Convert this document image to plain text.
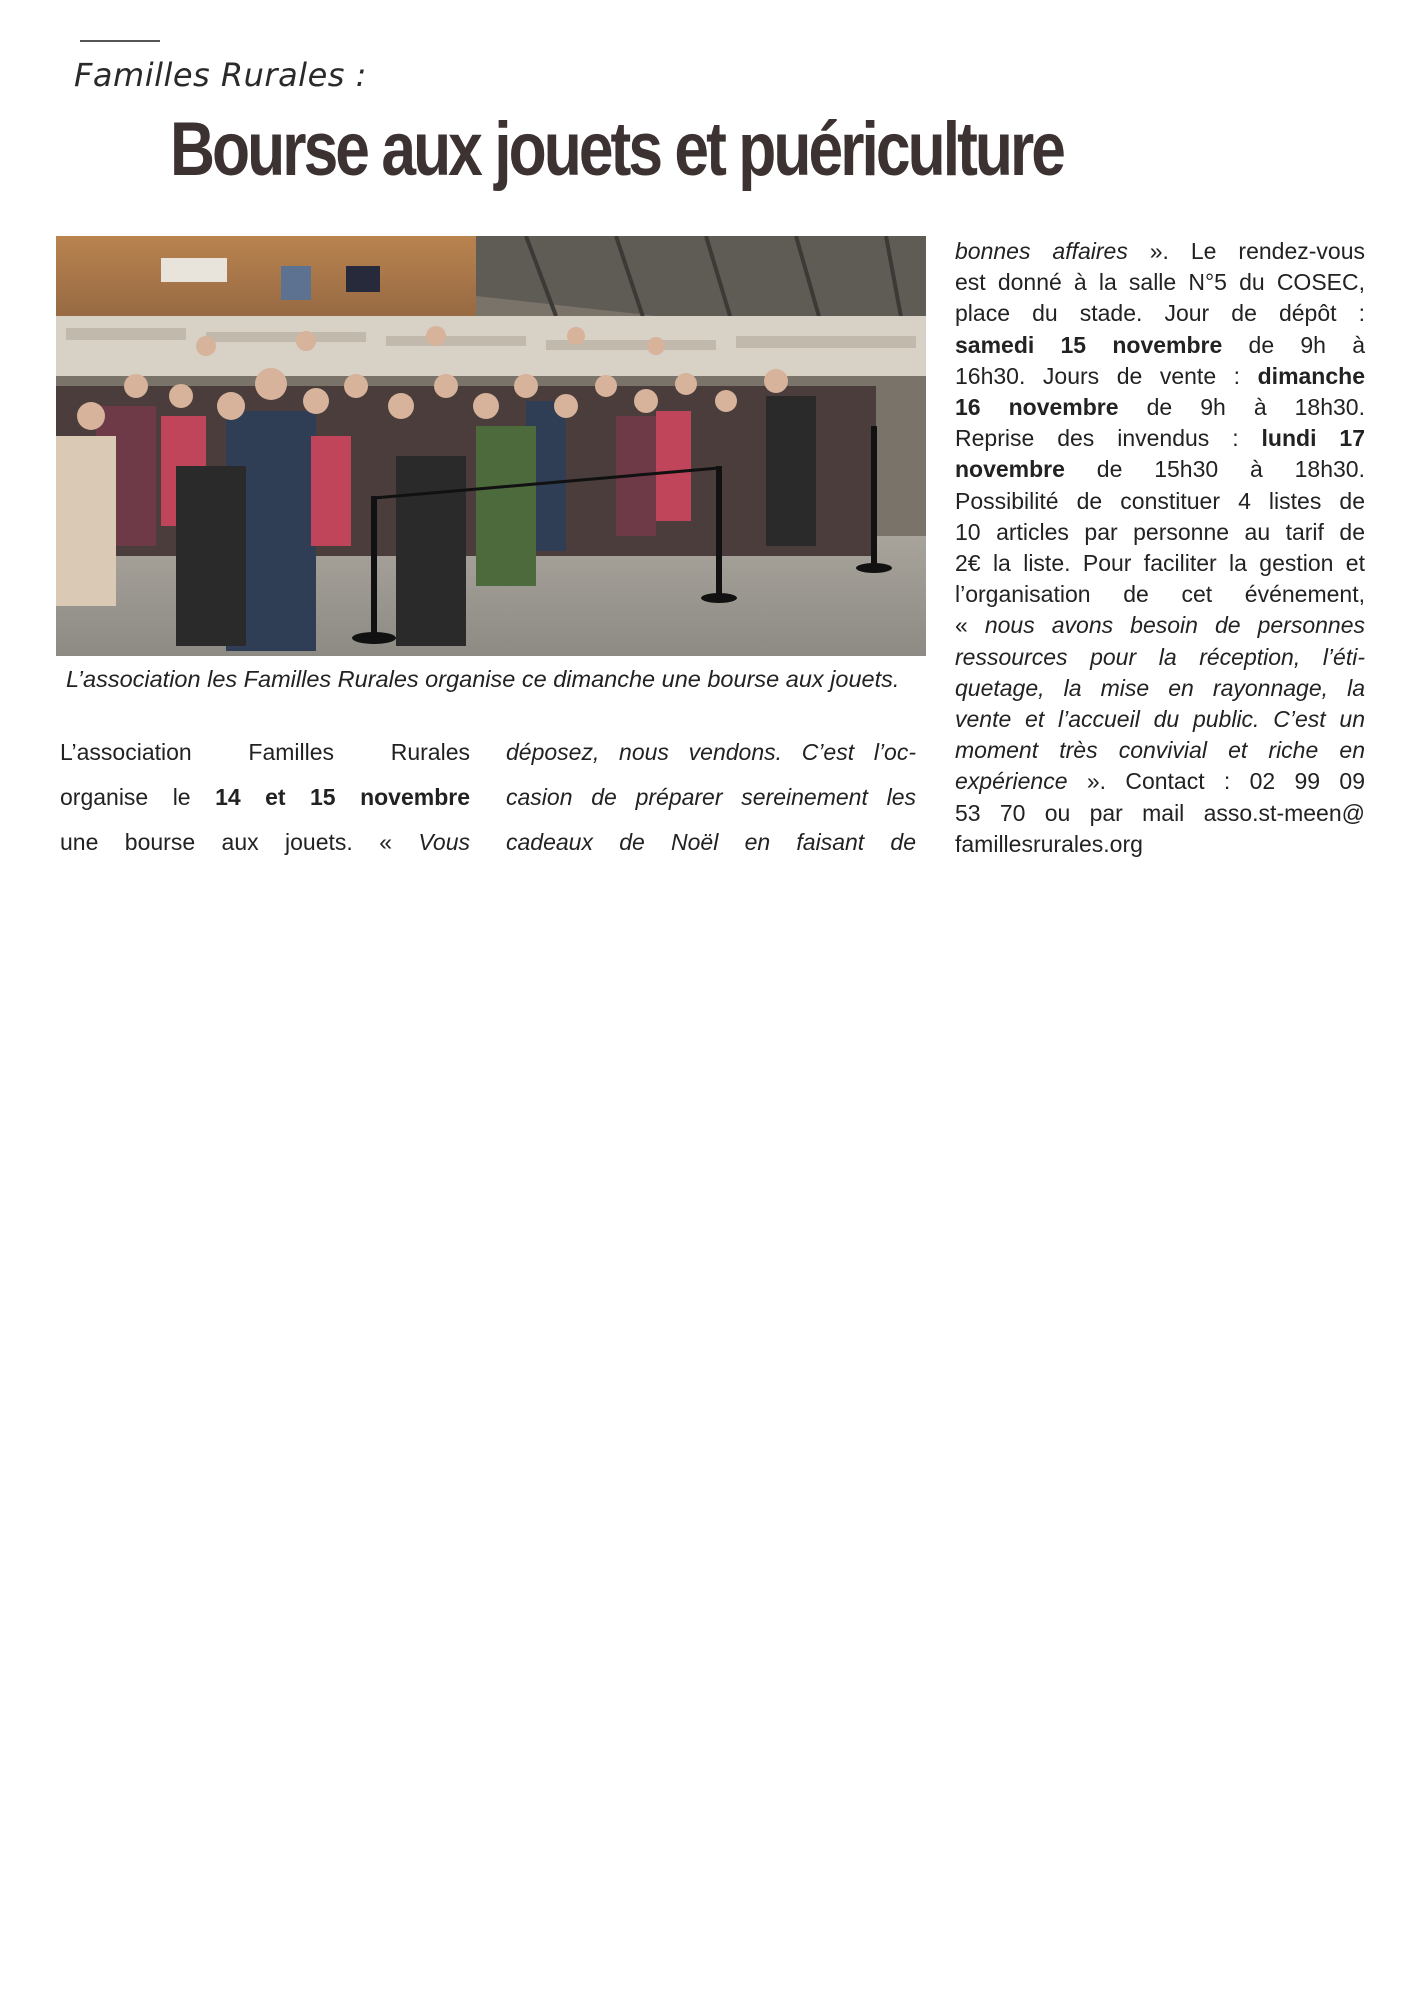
Familles Rurales :
Bourse aux jouets et puériculture
L’association les Familles Rurales organise ce dimanche une bourse aux jouets.
L’association Familles Rurales
organise le 14 et 15 novembre
une bourse aux jouets. « Vous
déposez, nous vendons. C’est l’oc-
casion de préparer sereinement les
cadeaux de Noël en faisant de
bonnes affaires ». Le rendez-vous
est donné à la salle N°5 du COSEC,
place du stade. Jour de dépôt :
samedi 15 novembre de 9h à
16h30. Jours de vente : dimanche
16 novembre de 9h à 18h30.
Reprise des invendus : lundi 17
novembre de 15h30 à 18h30.
Possibilité de constituer 4 listes de
10 articles par personne au tarif de
2€ la liste. Pour faciliter la gestion et
l’organisation de cet événement,
« nous avons besoin de personnes
ressources pour la réception, l’éti-
quetage, la mise en rayonnage, la
vente et l’accueil du public. C’est un
moment très convivial et riche en
expérience ». Contact : 02 99 09
53 70 ou par mail asso.st-meen@
famillesrurales.org
